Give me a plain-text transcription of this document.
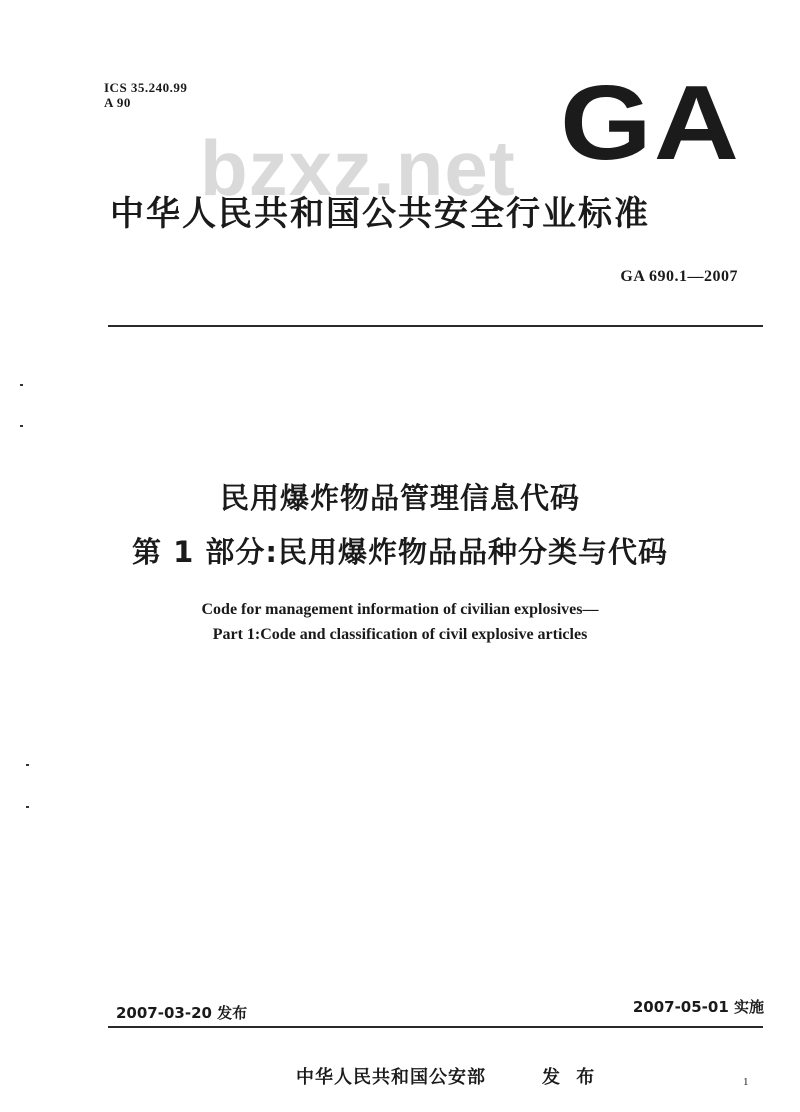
ICS 35.240.99
A 90
bzxz.net GA
中华人民共和国公共安全行业标准
GA 690.1—2007
民用爆炸物品管理信息代码
第 1 部分:民用爆炸物品品种分类与代码
Code for management information of civilian explosives—
Part 1:Code and classification of civil explosive articles
2007-03-20 发布	2007-05-01 实施
中华人民共和国公安部	发 布	1
